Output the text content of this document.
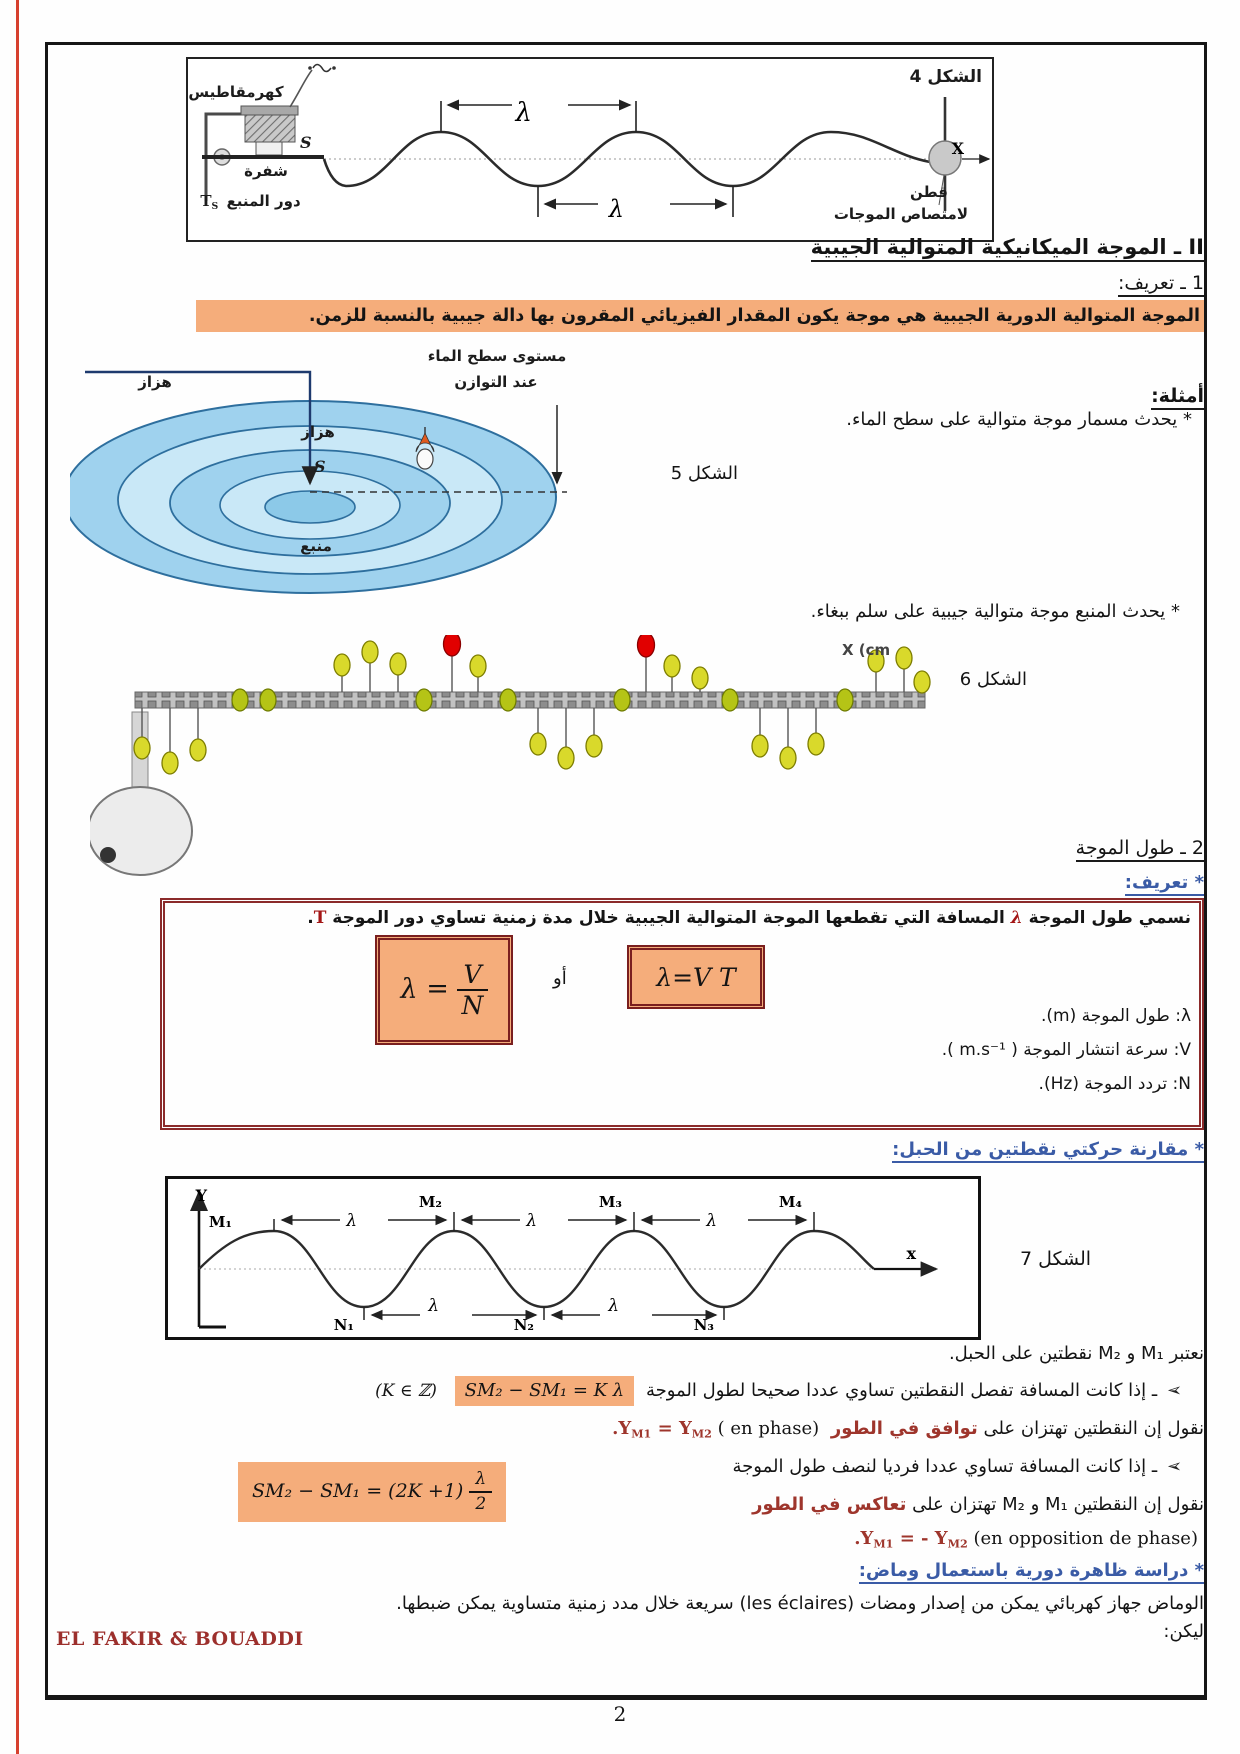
λ
λ
X
الشكل 4
كهرمقاطيس
شفرة
دور المنبع $T_S$
S
قطن
لامتصاص الموجات
II ـ الموجة الميكانيكية المتوالية الجيبية
1 ـ تعريف:
الموجة المتوالية الدورية الجيبية هي موجة يكون المقدار الفيزيائي المقرون بها دالة جيبية بالنسبة للزمن.
أمثلة:
* يحدث مسمار موجة متوالية على سطح الماء.
الشكل 5
هزاز
هزاز
مستوى سطح الماء
عند التوازن
S
منبع
* يحدث المنبع موجة متوالية جيبية على سلم ببغاء.
الشكل 6
X (cm
2 ـ طول الموجة
* تعريف:
نسمي طول الموجة λ المسافة التي تقطعها الموجة المتوالية الجيبية خلال مدة زمنية تساوي دور الموجة T.
$\lambda = \frac{V}{N}$	أو	λ=V T
λ: طول الموجة (m).
V: سرعة انتشار الموجة ( m.s⁻¹ ).
N: تردد الموجة (Hz).
* مقارنة حركتي نقطتين من الحبل:
Y
x
M₁
M₂	M₃	M₄
λ	λ	λ
N₁	N₂	N₃
λ	λ
الشكل 7
نعتبر M₁ و M₂ نقطتين على الحبل.
➢ ـ إذا كانت المسافة تفصل النقطتين تساوي عددا صحيحا لطول الموجة SM₂ − SM₁ = K λ (K ∈ ℤ)
نقول إن النقطتين تهتزان على توافق في الطور $.Y_{M1} = Y_{M2}$ ( en phase)
➢ ـ إذا كانت المسافة تساوي عددا فرديا لنصف طول الموجة
$SM_2 - SM_1 = (2K +1) \frac{\lambda}{2}$	نقول إن النقطتين M₁ و M₂ تهتزان على تعاكس في الطور
$.Y_{M1}$ = - $Y_{M2}$ (en opposition de phase)
* دراسة ظاهرة دورية باستعمال وماض:
الوماض جهاز كهربائي يمكن من إصدار ومضات (les éclaires) سريعة خلال مدد زمنية متساوية يمكن ضبطها.
ليكن:
EL FAKIR & BOUADDI
2
